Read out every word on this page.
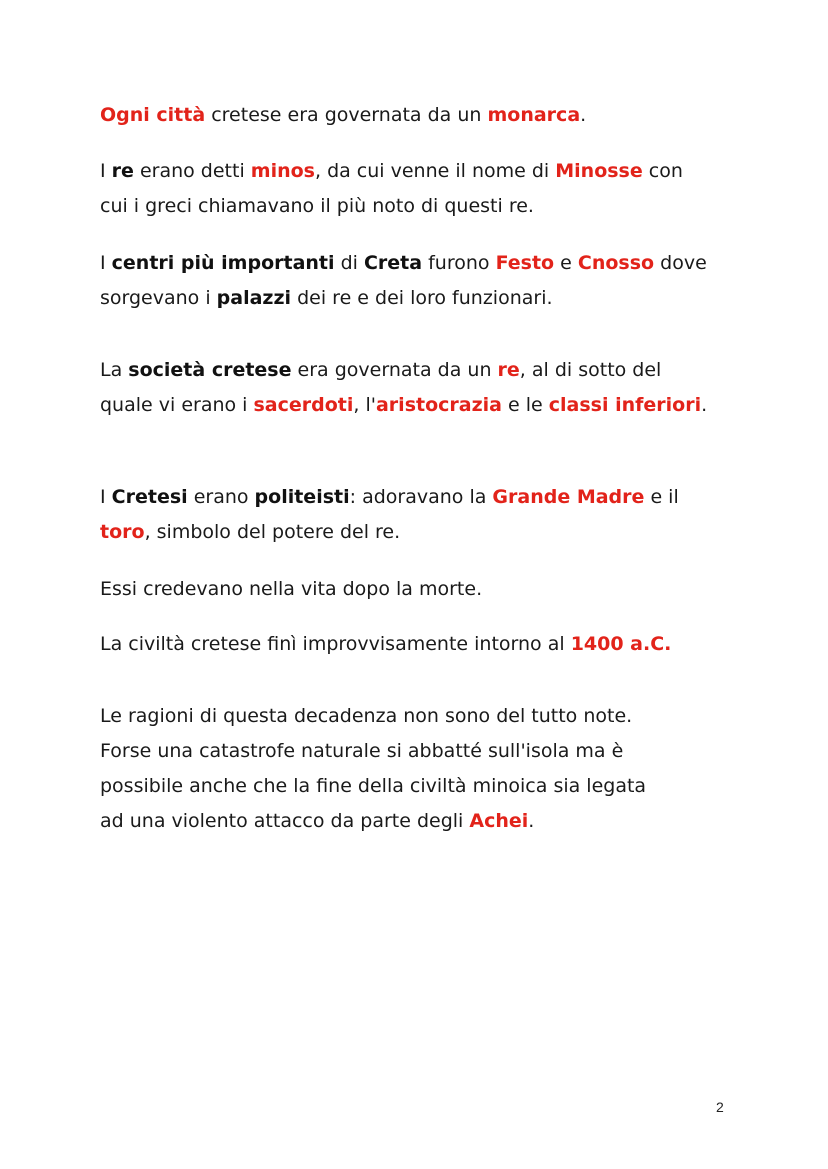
Ogni città cretese era governata da un monarca.

I re erano detti minos, da cui venne il nome di Minosse con
cui i greci chiamavano il più noto di questi re.

I centri più importanti di Creta furono Festo e Cnosso dove
sorgevano i palazzi dei re e dei loro funzionari.

La società cretese era governata da un re, al di sotto del
quale vi erano i sacerdoti, l'aristocrazia e le classi inferiori.

I Cretesi erano politeisti: adoravano la Grande Madre e il
toro, simbolo del potere del re.

Essi credevano nella vita dopo la morte.

La civiltà cretese finì improvvisamente intorno al 1400 a.C.

Le ragioni di questa decadenza non sono del tutto note.
Forse una catastrofe naturale si abbatté sull'isola ma è
possibile anche che la fine della civiltà minoica sia legata
ad una violento attacco da parte degli Achei.

2
